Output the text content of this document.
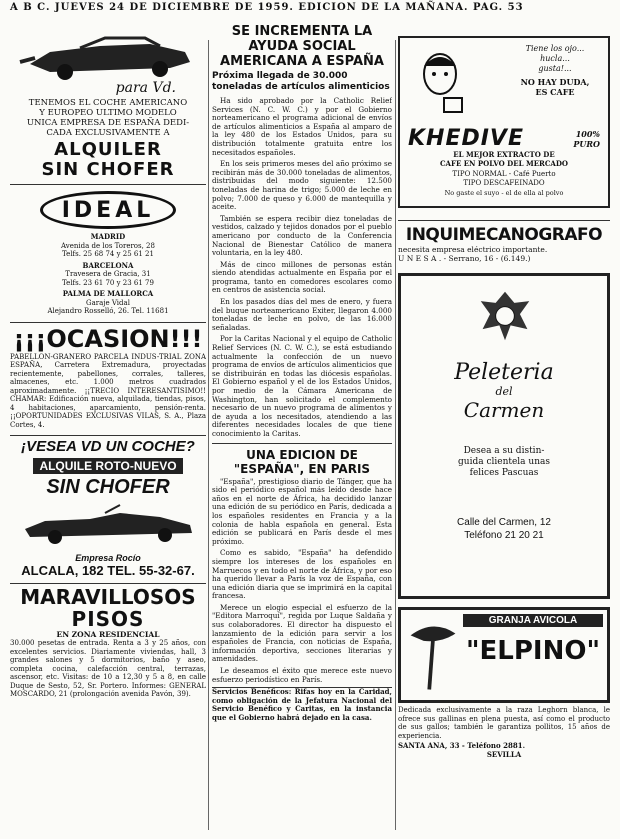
A B C. JUEVES 24 DE DICIEMBRE DE 1959. EDICION DE LA MAÑANA. PAG. 53
para Vd.
TENEMOS EL COCHE AMERICANO
Y EUROPEO ULTIMO MODELO
UNICA EMPRESA DE ESPAÑA DEDI-
CADA EXCLUSIVAMENTE A
ALQUILER
SIN CHOFER
IDEAL
MADRID
Avenida de los Toreros, 28
Telfs. 25 68 74 y 25 61 21
BARCELONA
Travesera de Gracia, 31
Telfs. 23 61 70 y 23 61 79
PALMA DE MALLORCA
Garaje Vidal
Alejandro Rosselló, 26. Tel. 11681
¡¡¡OCASION!!!
PABELLON-GRANERO PARCELA INDUS-TRIAL ZONA ESPAÑA, Carretera Extremadura, proyectadas recientemente, pabellones, corrales, talleres, almacenes, etc. 1.000 metros cuadrados aproximadamente. ¡¡TRECIO INTERESANTISIMO!! CHAMAR: Edificación nueva, alquilada, tiendas, pisos, 4 habitaciones, aparcamiento, pensión-renta. ¡¡OPORTUNIDADES EXCLUSIVAS VILAS, S. A., Plaza Cortes, 4.
¡VESEA VD UN COCHE?
ALQUILE ROTO-NUEVO
SIN CHOFER
Empresa Rocío
ALCALA, 182 TEL. 55-32-67.
MARAVILLOSOS
PISOS
EN ZONA RESIDENCIAL
30.000 pesetas de entrada. Renta a 3 y 25 años, con excelentes servicios. Diariamente viviendas, hall, 3 grandes salones y 5 dormitorios, baño y aseo, completa cocina, calefacción central, terrazas, ascensor, etc. Visitas: de 10 a 12,30 y 5 a 8, en calle Duque de Sesto, 52, Sr. Portero. Informes: GENERAL MOSCARDO, 21 (prolongación avenida Pavón, 39).
SE INCREMENTA LA AYUDA SOCIAL AMERICANA A ESPAÑA
Próxima llegada de 30.000 toneladas de artículos alimenticios

Ha sido aprobado por la Catholic Relief Services (N. C. W. C.) y por el Gobierno norteamericano el programa adicional de envíos de artículos alimenticios a España al amparo de la ley 480 de los Estados Unidos, para su distribución totalmente gratuita entre los necesitados españoles.

En los seis primeros meses del año próximo se recibirán más de 30.000 toneladas de alimentos, distribuidas del modo siguiente: 12.500 toneladas de harina de trigo; 5.000 de leche en polvo; 7.000 de queso y 6.000 de mantequilla y aceite.

También se espera recibir diez toneladas de vestidos, calzado y tejidos donados por el pueblo americano por conducto de la Conferencia Nacional de Bienestar Católico de manera voluntaria, en la ley 480.

Más de cinco millones de personas están siendo atendidas actualmente en España por el programa, tanto en comedores escolares como en centros de asistencia social.

En los pasados días del mes de enero, y fuera del buque norteamericano Exiter, llegaron 4.000 toneladas de leche en polvo, de las 16.000 señaladas.

Por la Caritas Nacional y el equipo de Catholic Relief Services (N. C. W. C.), se está estudiando actualmente la confección de un nuevo programa de envíos de artículos alimenticios que se distribuirán en todas las diócesis españolas. El Gobierno español y el de los Estados Unidos, por medio de la Cámara Americana de Washington, han solicitado el complemento necesario de un nuevo programa de alimentos y de ayuda a los necesitados, atendiendo a las diferentes necesidades locales de que tiene conocimiento la Caritas.

UNA EDICION DE "ESPAÑA", EN PARIS

"España", prestigioso diario de Tánger, que ha sido el periódico español más leído desde hace años en el norte de África, ha decidido lanzar una edición de su periódico en París, dedicada a los españoles residentes en Francia y a la colonia de habla española en general. Esta edición se publicará en París desde el mes próximo.

Como es sabido, "España" ha defendido siempre los intereses de los españoles en Marruecos y en todo el norte de África, y por eso ha querido llevar a París la voz de España, con una edición diaria que se imprimirá en la capital francesa.

Merece un elogio especial el esfuerzo de la "Editora Marroquí", regida por Luque Saldaña y sus colaboradores. El director ha dispuesto el lanzamiento de la edición para servir a los españoles de Francia, con noticias de España, información deportiva, secciones literarias y amenidades.

Le deseamos el éxito que merece este nuevo esfuerzo periodístico en París.

Servicios Benéficos: Rifas hoy en la Caridad, como obligación de la Jefatura Nacional del Servicio Benéfico y Caritas, en la instancia que el Gobierno habrá dejado en la casa.
Tiene los ojo...
hucla...
gusta!...
NO HAY DUDA,
ES CAFE
KHEDIVE	100%
PURO
EL MEJOR EXTRACTO DE
CAFE EN POLVO DEL MERCADO
TIPO NORMAL - Café Puerto
TIPO DESCAFEINADO
No gaste el suyo - el de ella al polvo
INQUIMECANOGRAFO
necesita empresa eléctrico importante.
U N E S A . - Serrano, 16 - (6.149.)
Peleteria
del
Carmen
Desea a su distin-
guida clientela unas
felices Pascuas
Calle del Carmen, 12
Teléfono 21 20 21
GRANJA AVICOLA
"ELPINO"
Dedicada exclusivamente a la raza Leghorn blanca, le ofrece sus gallinas en plena puesta, así como el producto de sus gallos; también le garantiza pollitos, 15 años de experiencia.
SANTA ANA, 33 - Teléfono 2881.
SEVILLA
